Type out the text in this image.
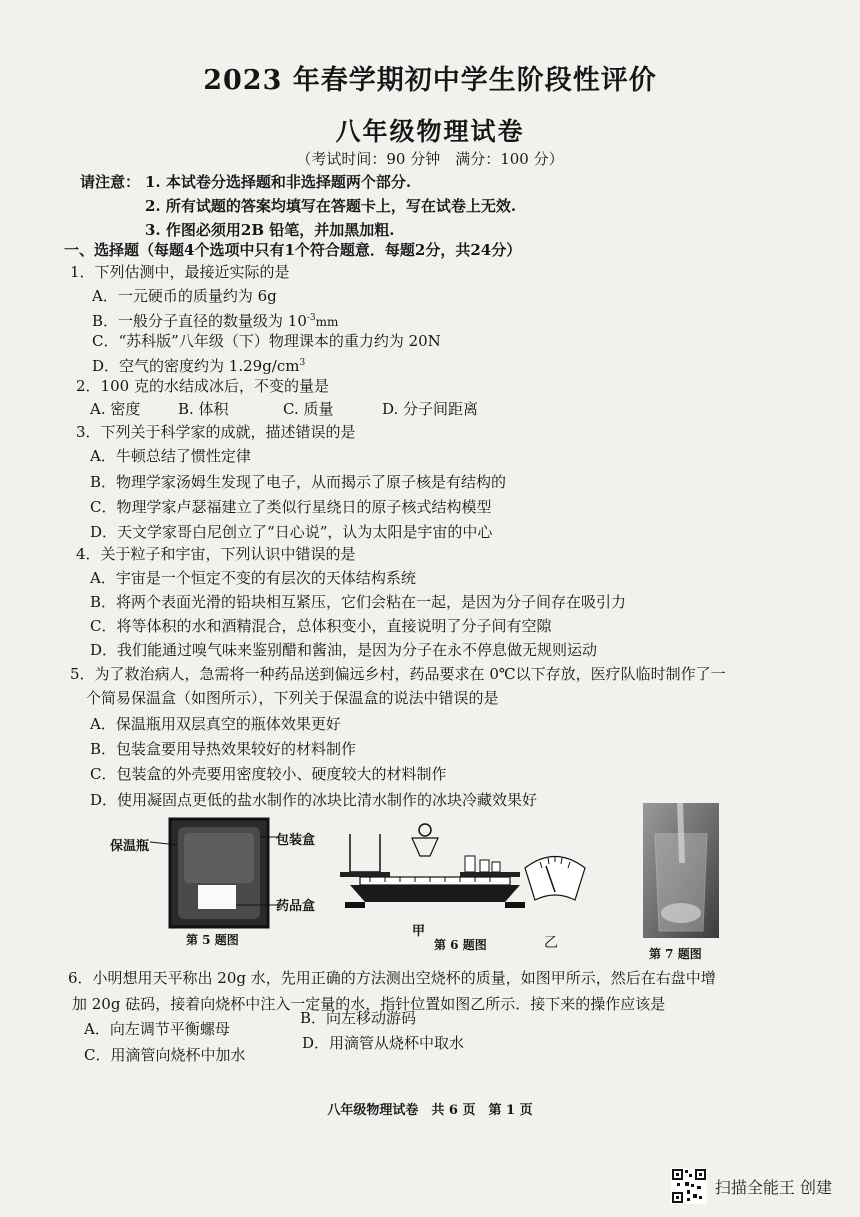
2023 年春学期初中学生阶段性评价
八年级物理试卷
（考试时间：90 分钟　满分：100 分）
请注意： 1. 本试卷分选择题和非选择题两个部分.
2. 所有试题的答案均填写在答题卡上，写在试卷上无效.
3. 作图必须用2B 铅笔，并加黑加粗.
一、选择题（每题4个选项中只有1个符合题意．每题2分，共24分）
1．下列估测中，最接近实际的是
A．一元硬币的质量约为 6g
B．一般分子直径的数量级为 $10^{-3}mm$
C．“苏科版”八年级（下）物理课本的重力约为 20N
D．空气的密度约为 $1.29g/cm^3$
2．100 克的水结成冰后，不变的量是
A. 密度	B. 体积	C. 质量	D. 分子间距离
3．下列关于科学家的成就，描述错误的是
A．牛顿总结了惯性定律
B．物理学家汤姆生发现了电子，从而揭示了原子核是有结构的
C．物理学家卢瑟福建立了类似行星绕日的原子核式结构模型
D．天文学家哥白尼创立了“日心说”，认为太阳是宇宙的中心
4．关于粒子和宇宙，下列认识中错误的是
A．宇宙是一个恒定不变的有层次的天体结构系统
B．将两个表面光滑的铅块相互紧压，它们会粘在一起，是因为分子间存在吸引力
C．将等体积的水和酒精混合，总体积变小，直接说明了分子间有空隙
D．我们能通过嗅气味来鉴别醋和酱油，是因为分子在永不停息做无规则运动
5．为了救治病人，急需将一种药品送到偏远乡村，药品要求在 0℃以下存放，医疗队临时制作了一
个简易保温盒（如图所示），下列关于保温盒的说法中错误的是
A．保温瓶用双层真空的瓶体效果更好
B．包装盒要用导热效果较好的材料制作
C．包装盒的外壳要用密度较小、硬度较大的材料制作
D．使用凝固点更低的盐水制作的冰块比清水制作的冰块冷藏效果好
保温瓶	包装盒
药品盒
第 5 题图
甲
乙
第 6 题图
第 7 题图
6．小明想用天平称出 20g 水，先用正确的方法测出空烧杯的质量，如图甲所示，然后在右盘中增
加 20g 砝码，接着向烧杯中注入一定量的水，指针位置如图乙所示．接下来的操作应该是
A．向左调节平衡螺母
B．向左移动游码
C．用滴管向烧杯中加水
D．用滴管从烧杯中取水
八年级物理试卷　共 6 页　第 1 页
扫描全能王 创建
